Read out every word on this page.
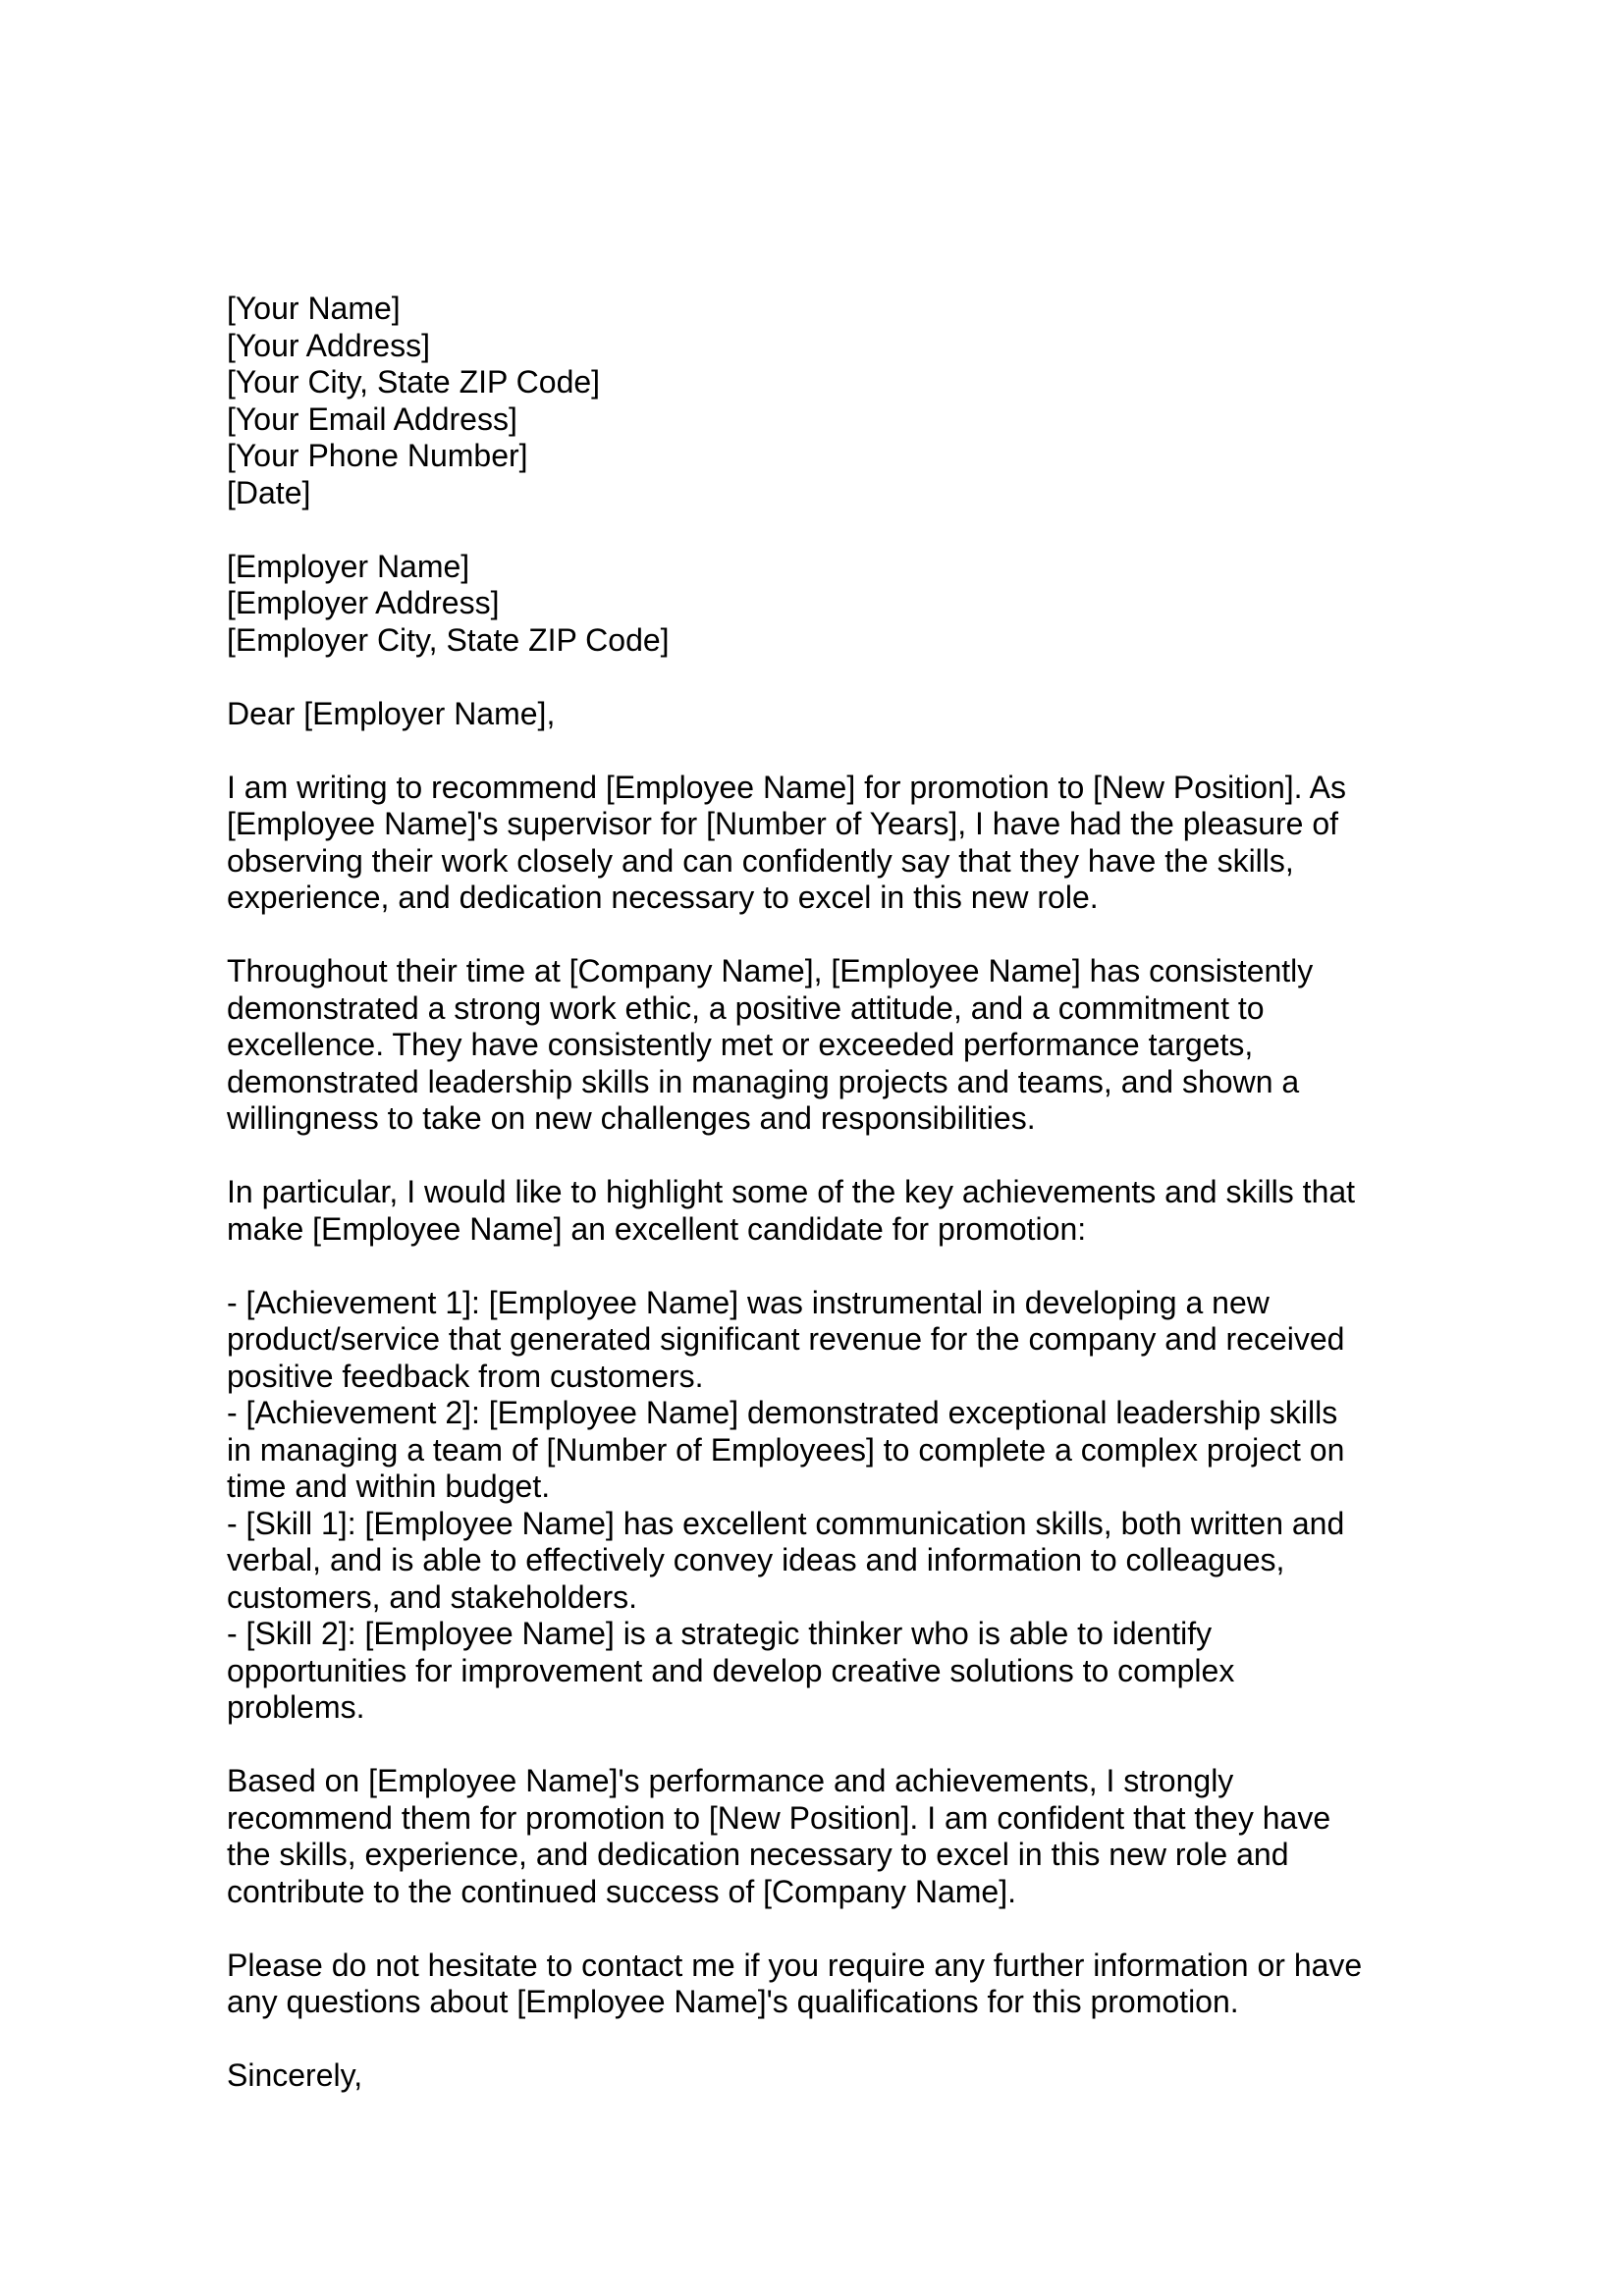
[Your Name]
[Your Address]
[Your City, State ZIP Code]
[Your Email Address]
[Your Phone Number]
[Date]
[Employer Name]
[Employer Address]
[Employer City, State ZIP Code]
Dear [Employer Name],
I am writing to recommend [Employee Name] for promotion to [New Position]. As
[Employee Name]'s supervisor for [Number of Years], I have had the pleasure of
observing their work closely and can confidently say that they have the skills,
experience, and dedication necessary to excel in this new role.
Throughout their time at [Company Name], [Employee Name] has consistently
demonstrated a strong work ethic, a positive attitude, and a commitment to
excellence. They have consistently met or exceeded performance targets,
demonstrated leadership skills in managing projects and teams, and shown a
willingness to take on new challenges and responsibilities.
In particular, I would like to highlight some of the key achievements and skills that
make [Employee Name] an excellent candidate for promotion:
- [Achievement 1]: [Employee Name] was instrumental in developing a new
product/service that generated significant revenue for the company and received
positive feedback from customers.
- [Achievement 2]: [Employee Name] demonstrated exceptional leadership skills
in managing a team of [Number of Employees] to complete a complex project on
time and within budget.
- [Skill 1]: [Employee Name] has excellent communication skills, both written and
verbal, and is able to effectively convey ideas and information to colleagues,
customers, and stakeholders.
- [Skill 2]: [Employee Name] is a strategic thinker who is able to identify
opportunities for improvement and develop creative solutions to complex
problems.
Based on [Employee Name]'s performance and achievements, I strongly
recommend them for promotion to [New Position]. I am confident that they have
the skills, experience, and dedication necessary to excel in this new role and
contribute to the continued success of [Company Name].
Please do not hesitate to contact me if you require any further information or have
any questions about [Employee Name]'s qualifications for this promotion.
Sincerely,
